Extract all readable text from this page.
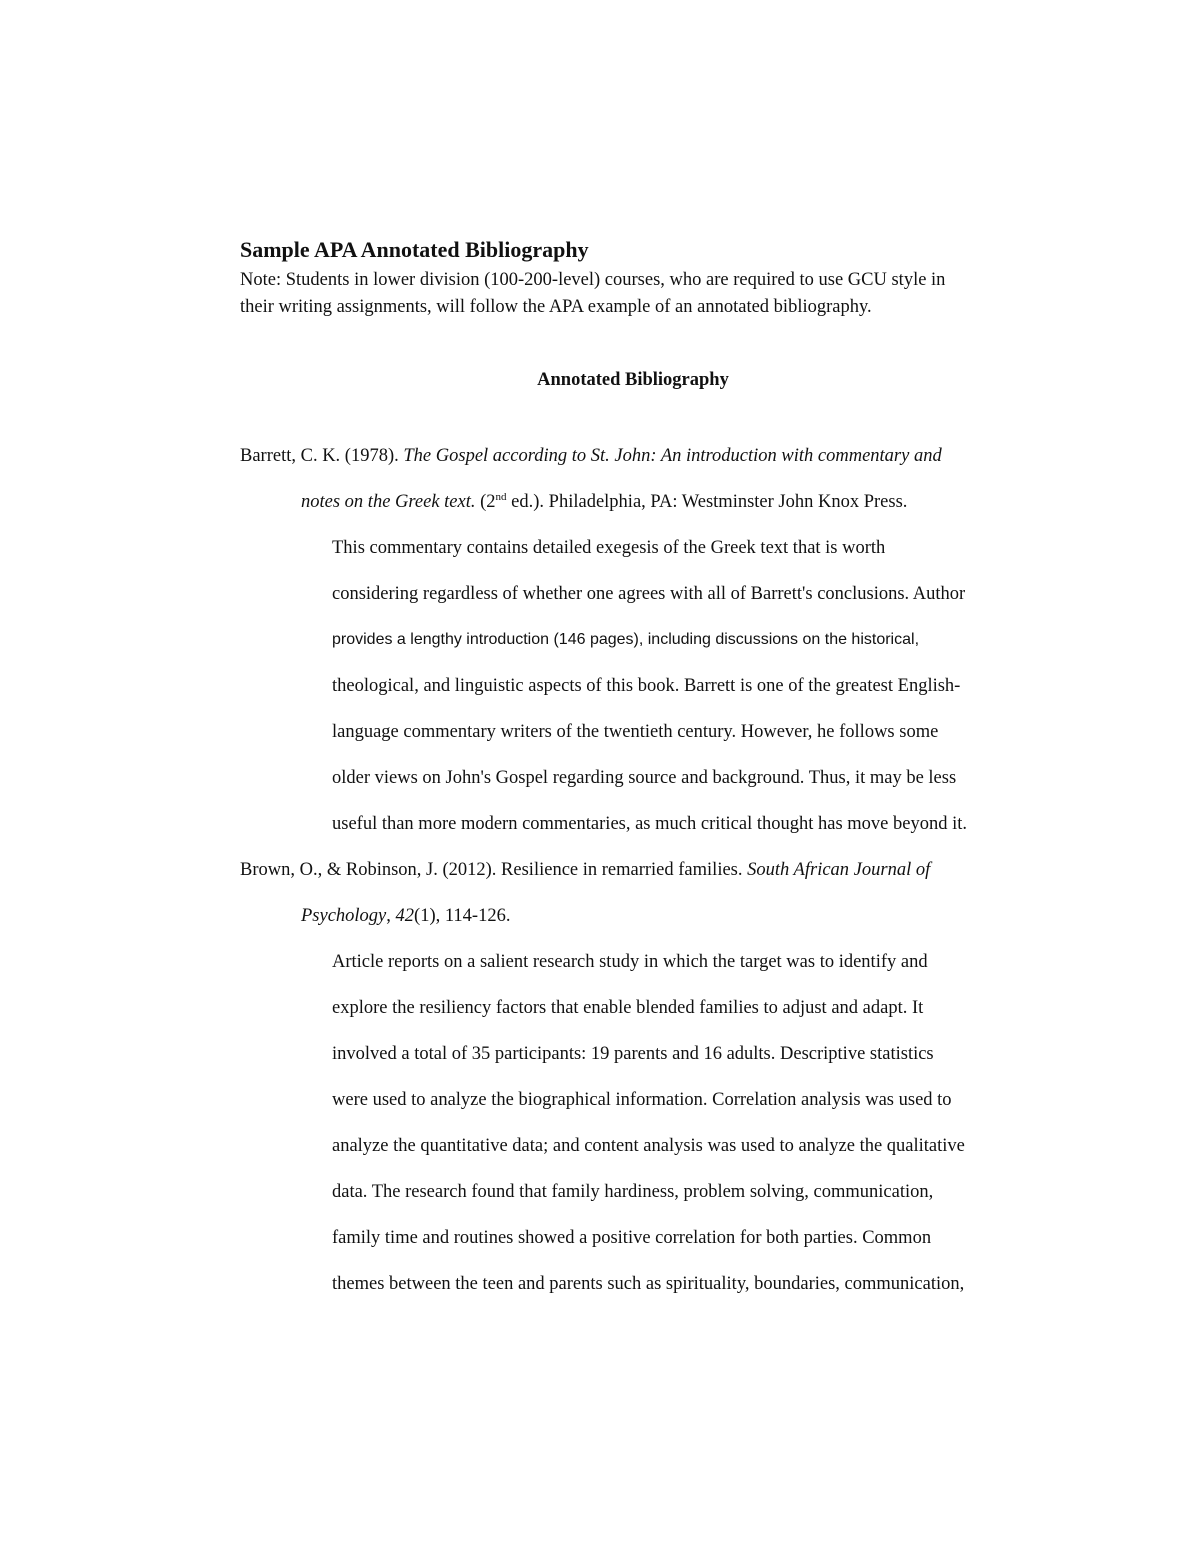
Sample APA Annotated Bibliography
Note: Students in lower division (100-200-level) courses, who are required to use GCU style in
their writing assignments, will follow the APA example of an annotated bibliography.
Annotated Bibliography
Barrett, C. K. (1978). The Gospel according to St. John: An introduction with commentary and
notes on the Greek text. (2nd ed.). Philadelphia, PA: Westminster John Knox Press.
This commentary contains detailed exegesis of the Greek text that is worth
considering regardless of whether one agrees with all of Barrett's conclusions. Author
provides a lengthy introduction (146 pages), including discussions on the historical,
theological, and linguistic aspects of this book. Barrett is one of the greatest English-
language commentary writers of the twentieth century. However, he follows some
older views on John's Gospel regarding source and background. Thus, it may be less
useful than more modern commentaries, as much critical thought has move beyond it.
Brown, O., & Robinson, J. (2012). Resilience in remarried families. South African Journal of
Psychology, 42(1), 114-126.
Article reports on a salient research study in which the target was to identify and
explore the resiliency factors that enable blended families to adjust and adapt. It
involved a total of 35 participants: 19 parents and 16 adults. Descriptive statistics
were used to analyze the biographical information. Correlation analysis was used to
analyze the quantitative data; and content analysis was used to analyze the qualitative
data. The research found that family hardiness, problem solving, communication,
family time and routines showed a positive correlation for both parties. Common
themes between the teen and parents such as spirituality, boundaries, communication,
